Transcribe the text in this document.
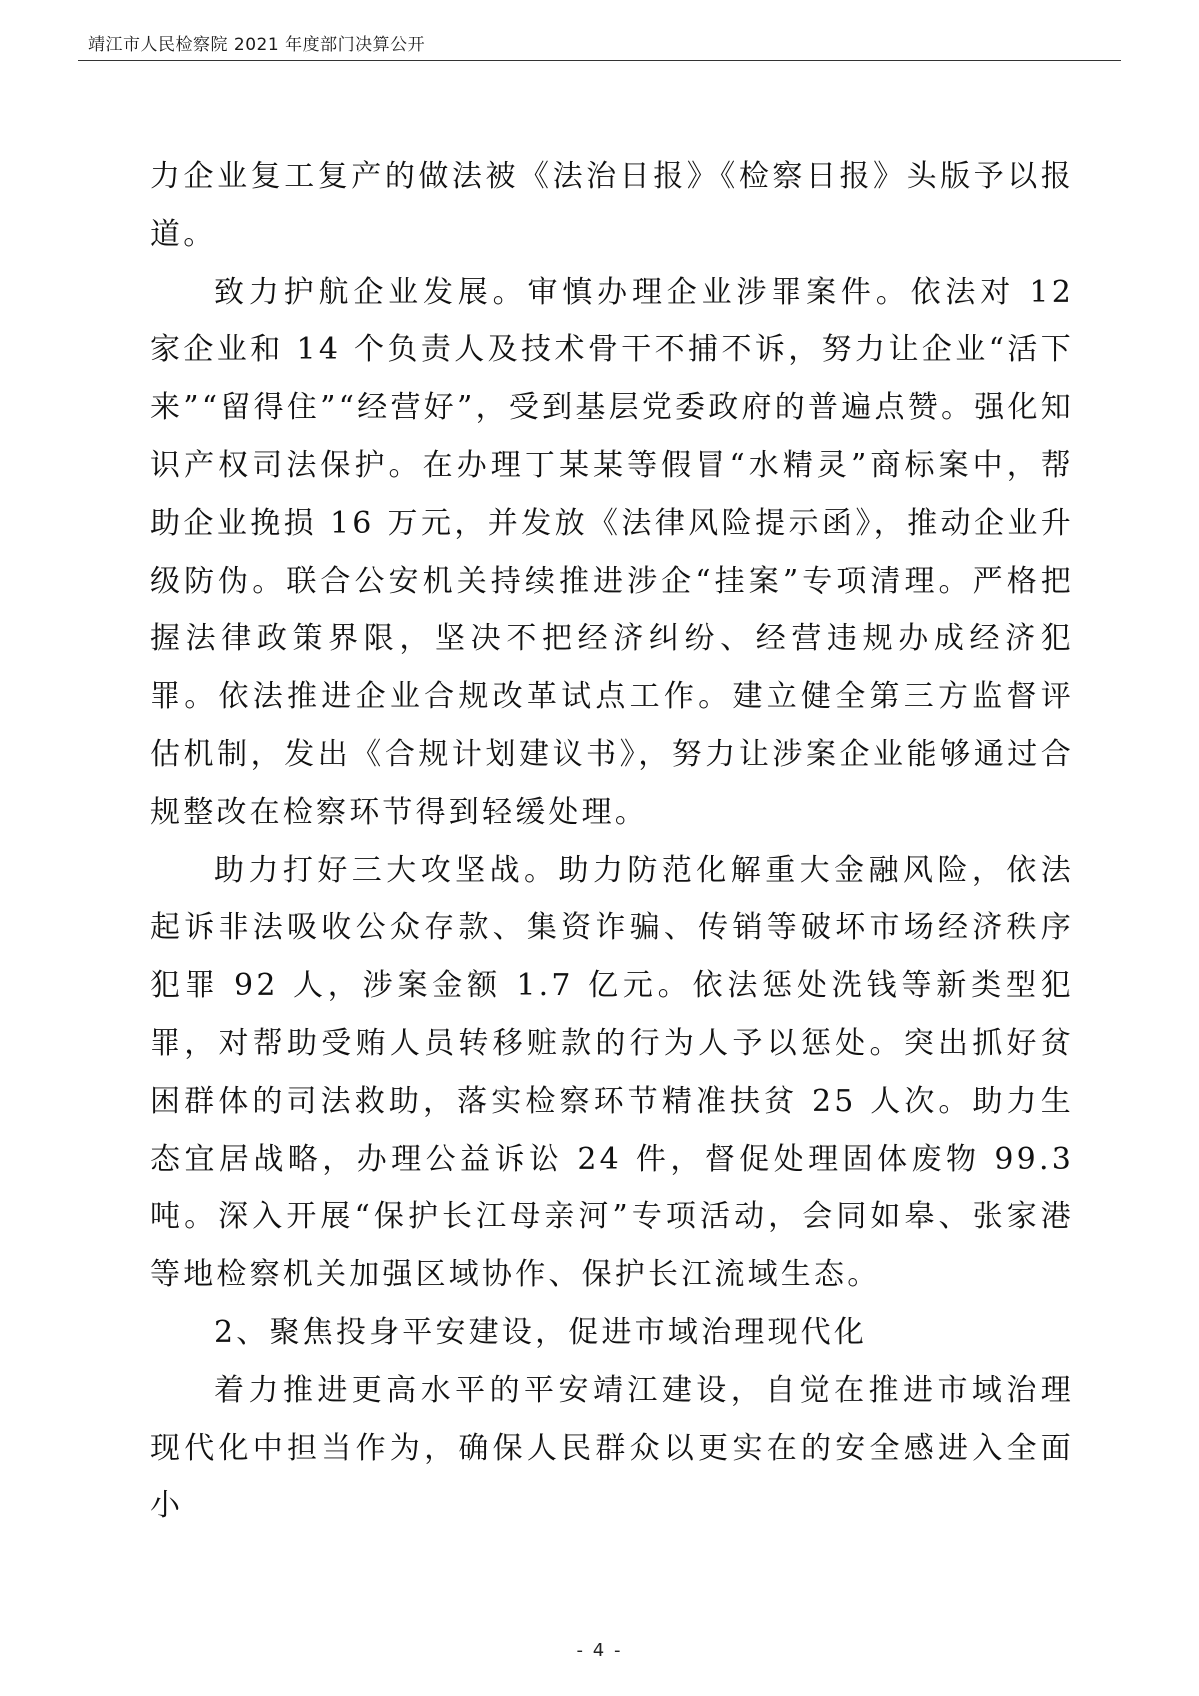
靖江市人民检察院 2021 年度部门决算公开

力企业复工复产的做法被《法治日报》《检察日报》头版予以报道。

致力护航企业发展。审慎办理企业涉罪案件。依法对 12 家企业和 14 个负责人及技术骨干不捕不诉，努力让企业“活下来”“留得住”“经营好”，受到基层党委政府的普遍点赞。强化知识产权司法保护。在办理丁某某等假冒“水精灵”商标案中，帮助企业挽损 16 万元，并发放《法律风险提示函》，推动企业升级防伪。联合公安机关持续推进涉企“挂案”专项清理。严格把握法律政策界限，坚决不把经济纠纷、经营违规办成经济犯罪。依法推进企业合规改革试点工作。建立健全第三方监督评估机制，发出《合规计划建议书》，努力让涉案企业能够通过合规整改在检察环节得到轻缓处理。

助力打好三大攻坚战。助力防范化解重大金融风险，依法起诉非法吸收公众存款、集资诈骗、传销等破坏市场经济秩序犯罪 92 人，涉案金额 1.7 亿元。依法惩处洗钱等新类型犯罪，对帮助受贿人员转移赃款的行为人予以惩处。突出抓好贫困群体的司法救助，落实检察环节精准扶贫 25 人次。助力生态宜居战略，办理公益诉讼 24 件，督促处理固体废物 99.3 吨。深入开展“保护长江母亲河”专项活动，会同如皋、张家港等地检察机关加强区域协作、保护长江流域生态。

2、聚焦投身平安建设，促进市域治理现代化

着力推进更高水平的平安靖江建设，自觉在推进市域治理现代化中担当作为，确保人民群众以更实在的安全感进入全面小

- 4 -
